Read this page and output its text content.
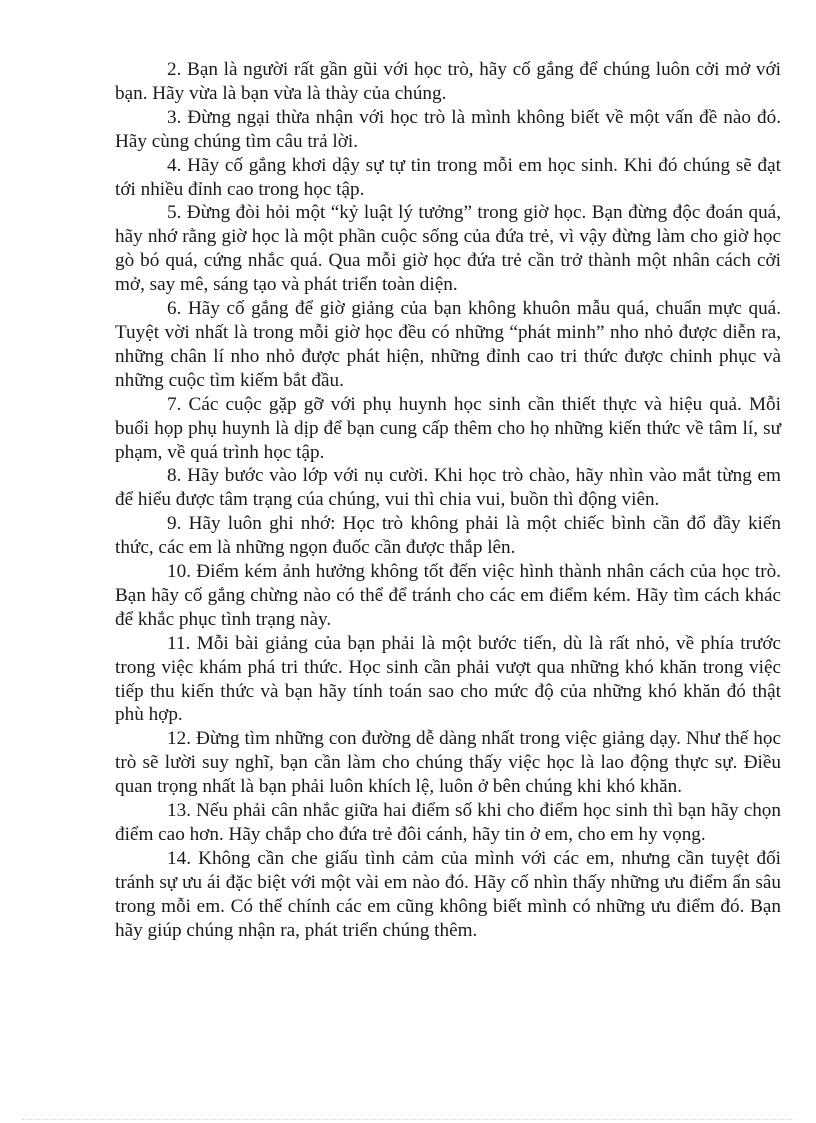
2. Bạn là người rất gần gũi với học trò, hãy cố gắng để chúng luôn cởi mở với bạn. Hãy vừa là bạn vừa là thày của chúng.

3. Đừng ngại thừa nhận với học trò là mình không biết về một vấn đề nào đó. Hãy cùng chúng tìm câu trả lời.

4. Hãy cố gắng khơi dậy sự tự tin trong mỗi em học sinh. Khi đó chúng sẽ đạt tới nhiều đỉnh cao trong học tập.

5. Đừng đòi hỏi một “kỷ luật lý tưởng” trong giờ học. Bạn đừng độc đoán quá, hãy nhớ rằng giờ học là một phần cuộc sống của đứa trẻ, vì vậy đừng làm cho giờ học gò bó quá, cứng nhắc quá. Qua mỗi giờ học đứa trẻ cần trở thành một nhân cách cởi mở, say mê, sáng tạo và phát triển toàn diện.

6. Hãy cố gắng để giờ giảng của bạn không khuôn mẫu quá, chuẩn mực quá. Tuyệt vời nhất là trong mỗi giờ học đều có những “phát minh” nho nhỏ được diễn ra, những chân lí nho nhỏ được phát hiện, những đỉnh cao tri thức được chinh phục và những cuộc tìm kiếm bắt đầu.

7. Các cuộc gặp gỡ với phụ huynh học sinh cần thiết thực và hiệu quả. Mỗi buổi họp phụ huynh là dịp để bạn cung cấp thêm cho họ những kiến thức về tâm lí, sư phạm, về quá trình học tập.

8. Hãy bước vào lớp với nụ cười. Khi học trò chào, hãy nhìn vào mắt từng em để hiểu được tâm trạng cúa chúng, vui thì chia vui, buồn thì động viên.

9. Hãy luôn ghi nhớ: Học trò không phải là một chiếc bình cần đổ đầy kiến thức, các em là những ngọn đuốc cần được thắp lên.

10. Điểm kém ảnh hưởng không tốt đến việc hình thành nhân cách của học trò. Bạn hãy cố gắng chừng nào có thể để tránh cho các em điểm kém. Hãy tìm cách khác để khắc phục tình trạng này.

11. Mỗi bài giảng của bạn phải là một bước tiến, dù là rất nhỏ, về phía trước trong việc khám phá tri thức. Học sinh cần phải vượt qua những khó khăn trong việc tiếp thu kiến thức và bạn hãy tính toán sao cho mức độ của những khó khăn đó thật phù hợp.

12. Đừng tìm những con đường dễ dàng nhất trong việc giảng dạy. Như thế học trò sẽ lười suy nghĩ, bạn cần làm cho chúng thấy việc học là lao động thực sự. Điều quan trọng nhất là bạn phải luôn khích lệ, luôn ở bên chúng khi khó khăn.

13. Nếu phải cân nhắc giữa hai điểm số khi cho điểm học sinh thì bạn hãy chọn điểm cao hơn. Hãy chắp cho đứa trẻ đôi cánh, hãy tin ở em, cho em hy vọng.

14. Không cần che giấu tình cảm của mình với các em, nhưng cần tuyệt đối tránh sự ưu ái đặc biệt với một vài em nào đó. Hãy cố nhìn thấy những ưu điểm ẩn sâu trong mỗi em. Có thể chính các em cũng không biết mình có những ưu điểm đó. Bạn hãy giúp chúng nhận ra, phát triển chúng thêm.
